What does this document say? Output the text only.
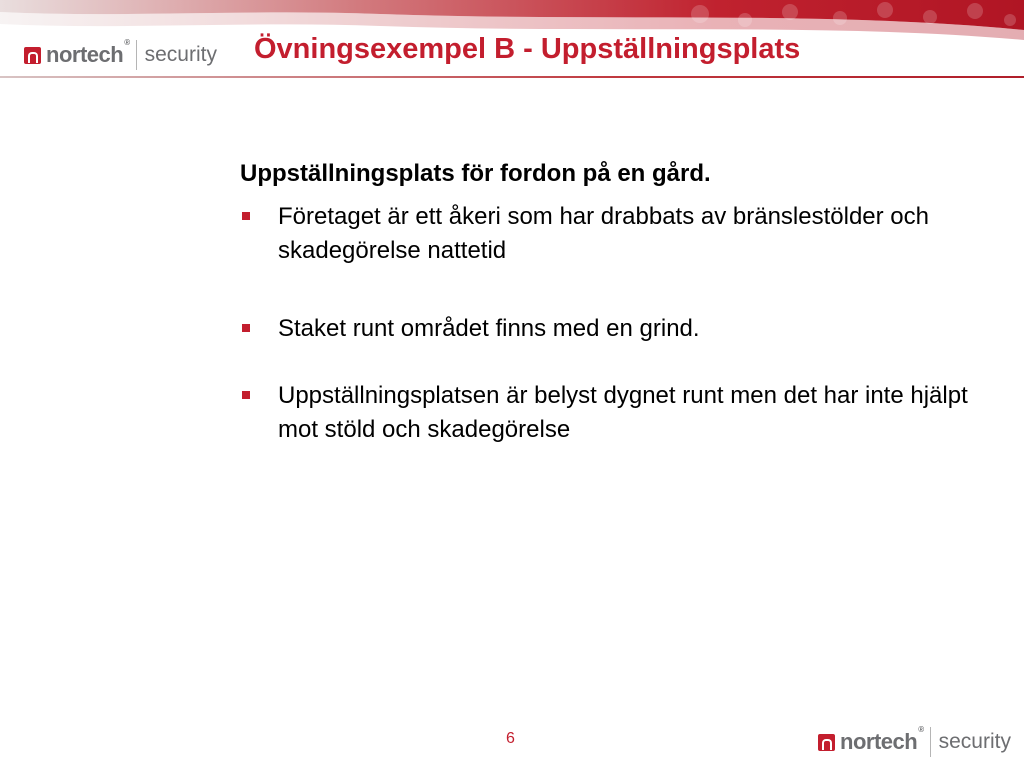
nortech®
security Övningsexempel B - Uppställningsplats

Uppställningsplats för fordon på en gård.

Företaget är ett åkeri som har drabbats av bränslestölder och skadegörelse nattetid
Staket runt området finns med en grind.
Uppställningsplatsen är belyst dygnet runt men det har inte hjälpt mot stöld och skadegörelse
6	nortech®
security
